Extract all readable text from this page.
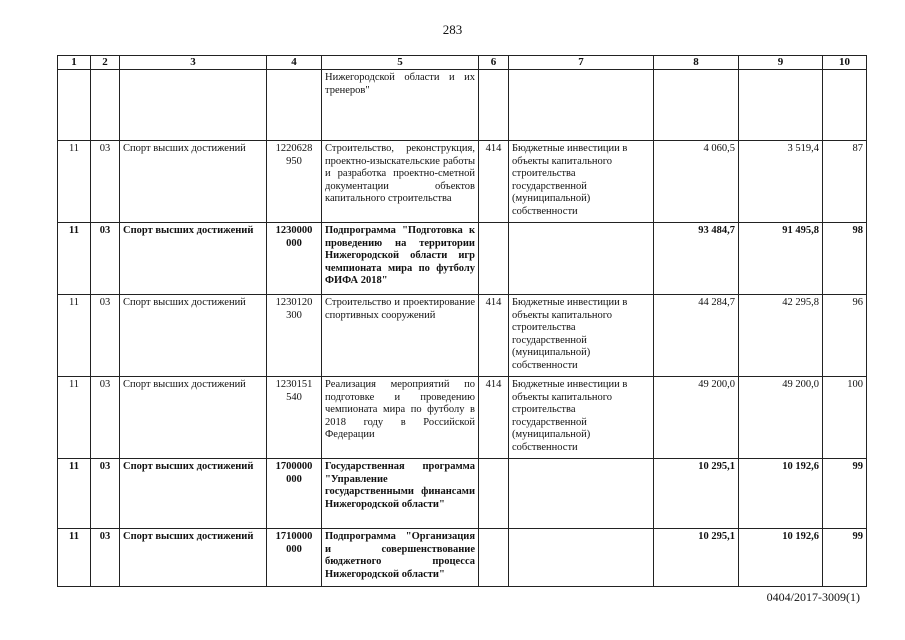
283
1	2	3	4	5	6	7	8	9	10
				Нижегородской области и их тренеров"					
11	03	Спорт высших достижений	1220628 950	Строительство, реконструкция, проектно-изыскательские работы и разработка проектно-сметной документации объектов капитального строительства	414	Бюджетные инвестиции в объекты капитального строительства государственной (муниципальной) собственности	4 060,5	3 519,4	87
11	03	Спорт высших достижений	1230000 000	Подпрограмма "Подготовка к проведению на территории Нижегородской области игр чемпионата мира по футболу ФИФА 2018"			93 484,7	91 495,8	98
11	03	Спорт высших достижений	1230120 300	Строительство и проектирование спортивных сооружений	414	Бюджетные инвестиции в объекты капитального строительства государственной (муниципальной) собственности	44 284,7	42 295,8	96
11	03	Спорт высших достижений	1230151 540	Реализация мероприятий по подготовке и проведению чемпионата мира по футболу в 2018 году в Российской Федерации	414	Бюджетные инвестиции в объекты капитального строительства государственной (муниципальной) собственности	49 200,0	49 200,0	100
11	03	Спорт высших достижений	1700000 000	Государственная программа "Управление государственными финансами Нижегородской области"			10 295,1	10 192,6	99
11	03	Спорт высших достижений	1710000 000	Подпрограмма "Организация и совершенствование бюджетного процесса Нижегородской области"			10 295,1	10 192,6	99
0404/2017-3009(1)
